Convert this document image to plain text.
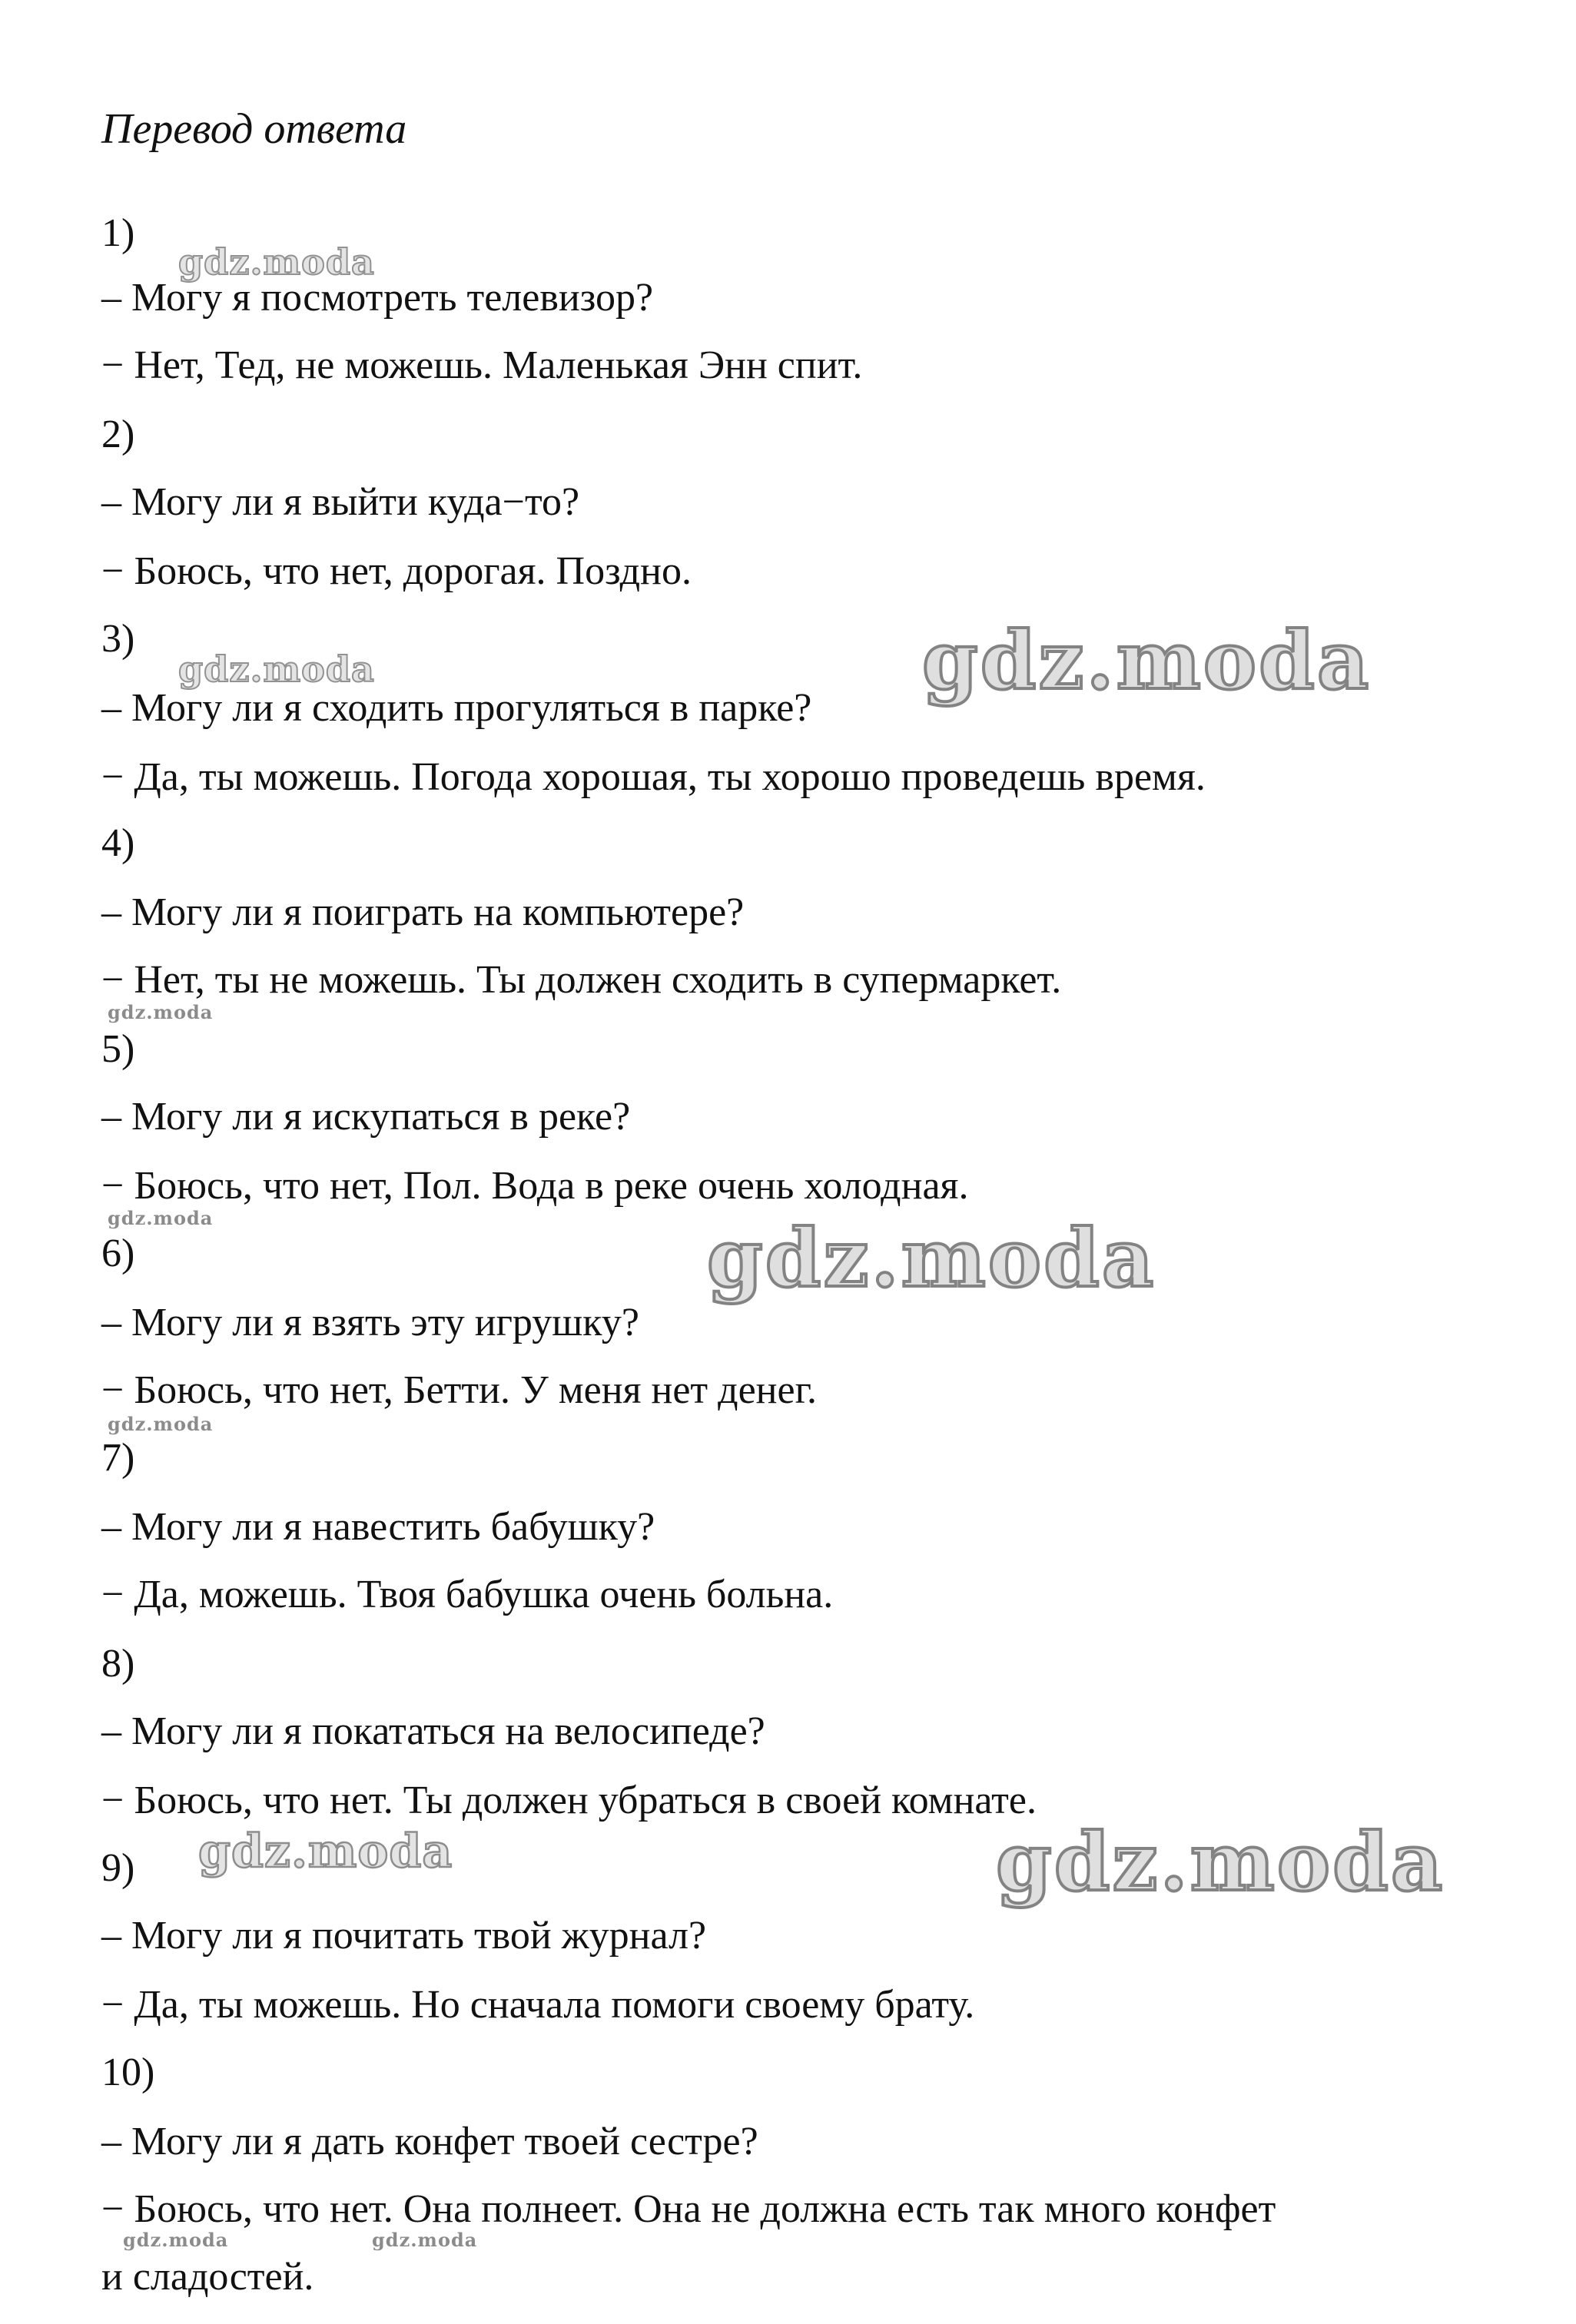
Перевод ответа
1)
– Могу я посмотреть телевизор?
− Нет, Тед, не можешь. Маленькая Энн спит.
2)
– Могу ли я выйти куда−то?
− Боюсь, что нет, дорогая. Поздно.
3)
– Могу ли я сходить прогуляться в парке?
− Да, ты можешь. Погода хорошая, ты хорошо проведешь время.
4)
– Могу ли я поиграть на компьютере?
− Нет, ты не можешь. Ты должен сходить в супермаркет.
5)
– Могу ли я искупаться в реке?
− Боюсь, что нет, Пол. Вода в реке очень холодная.
6)
– Могу ли я взять эту игрушку?
− Боюсь, что нет, Бетти. У меня нет денег.
7)
– Могу ли я навестить бабушку?
− Да, можешь. Твоя бабушка очень больна.
8)
– Могу ли я покататься на велосипеде?
− Боюсь, что нет. Ты должен убраться в своей комнате.
9)
– Могу ли я почитать твой журнал?
− Да, ты можешь. Но сначала помоги своему брату.
10)
– Могу ли я дать конфет твоей сестре?
− Боюсь, что нет. Она полнеет. Она не должна есть так много конфет
и сладостей.
gdz.moda
gdz.moda	gdz.moda
gdz.moda
gdz.moda	gdz.moda
gdz.moda
gdz.moda	gdz.moda
gdz.moda	gdz.moda
